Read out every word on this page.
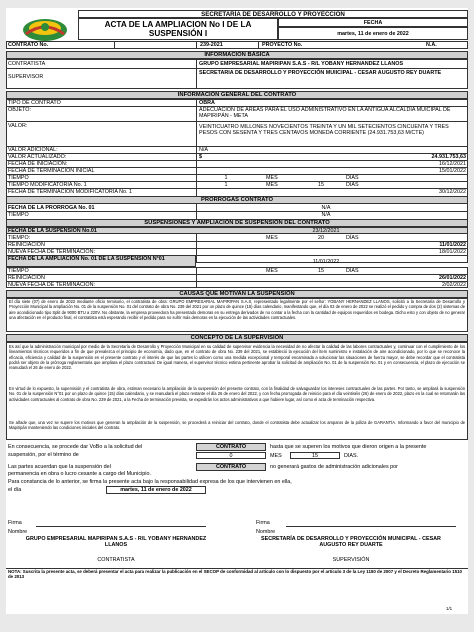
SECRETARÍA DE DESARROLLO Y PROYECCIÓN
ACTA DE LA AMPLIACION No I DE LA
SUSPENSIÓN I
FECHA
martes, 11 de enero de 2022
CONTRATO No.	239-2021	PROYECTO No.	N.A.
INFORMACIÓN BÁSICA
CONTRATISTA	GRUPO EMPRESARIAL MAPIRIPAN S.A.S - R/L YOBANY HERNANDEZ LLANOS
SUPERVISOR
SECRETARIA DE DESARROLLO Y PROYECCIÓN MUIICIPAL - CESAR AUGUSTO REY DUARTE
INFORMACIÓN GENERAL DEL CONTRATO
TIPO DE CONTRATO	OBRA
OBJETO:	ADECUACION DE AREAS PARA EL USO ADMINISTRATIVO EN LA ANTIGUA ALCALDIA MUICIPAL DE MAPIRIPÁN - META
VALOR:	VEINTICUATRO MILLONES NOVECIENTOS TREINTA Y UN MIL SETECIENTOS CINCUENTA Y TRES PESOS CON SESENTA Y TRES CENTAVOS MONEDA CORRIENTE (24.931.753,63 M/CTE)
VALOR ADICIONAL:	N/A
VALOR ACTUALIZADO:	$	24.931.753,63
FECHA DE INICIACIÓN:	16/12/2021
FECHA DE TERMINACIÓN INICIAL	15/01/2022
TIEMPO	1	MES	DIAS
TIEMPO MODIFICATORIA No. 1	1	MES	15	DIAS
FECHA DE TERMINACIÓN MODIFICATORIA No. 1	30/12/2022
PRORROGAS CONTRATO
FECHA DE LA PRORROGA No. 01	N/A
TIEMPO	N/A
SUSPENSIONES Y AMPLIACIÓN DE SUSPENSIÓN DEL CONTRATO
FECHA DE LA SUSPENSIÓN No.01	23/12/2021
TIEMPO:	MES	20	DÍAS
REINICIACIÓN	11/01/2022
NUEVA FECHA DE TERMINACIÓN:	18/01/2022
FECHA DE LA AMPLIACIÓN No. 01 DE LA SUSPENSIÓN N°01	11/01/2022
TIEMPO	MES	15	DÍAS
REINICIACIÓN	26/01/2022
NUEVA FECHA DE TERMINACIÓN:	2/02/2022
CAUSAS QUE MOTIVAN LA SUSPENSIÓN
El día siete (07) de enero de 2022 mediante oficio remisorio, el contratista de obra: GRUPO EMPRESARIAL MAPIRIPAN S.A.S, representado legalmente por el señor: YOBANY HERNANDEZ LLANOS, solicitó a la Secretaría de Desarrollo y Proyección Municipal la ampliación No. 01 de la suspensión No. 01 del contrato de obra No. 239 del 2021 por un plazo de quince (15) días calendario, manifestando que, el día 03 de enero de 2022 se realizó el pedido y compra de dos (2) sistemas de aire acondicionado tipo Split de 9000 BTU a 220V. No obstante, la empresa proveedora ha presentado demoras en su entrega derivados de no contar a la fecha con la cantidad de equipos requeridos en bodega. Dicho esto y con objeto de no generar una afectación en el producto final, el contratista está esperando recibir el pedido para no sufrir más demoras en la ejecución de las actividades contractuales.
CONCEPTO DE LA SUPERVISIÓN
Es así que la administración municipal por medio de la Secretaría de Desarrollo y Proyección Municipal en su calidad de supervisor evidencia la necesidad de no afectar la calidad de las labores contractuales y, continuar con el cumplimiento de los lineamientos técnicos requeridos a fin de que prevalezca el principio de economía, dado que, en el contrato de obra No. 239 del 2021, se estableció la ejecución del ítem suministro e instalación de aire acondicionado, por lo que se reconoce la eficacia, eficiencia y calidad de la suspensión en el presente contrato y el interés de que las partes lo utilicen como una medida excepcional y temporal encaminada a solucionar las situaciones de fuerza mayor, se debe recordar que el contratista podrá ser objeto de la prórroga reglamentaria que ampliara el plazo contractual. De igual manera, el supervisor técnico estima pertinente aprobar la solicitud de ampliación No. 01 de la suspensión No. 01 y en consecuencia, el plazo de ejecución se reanudará el 26 de enero de 2022.
En virtud de lo expuesto, la supervisión y el contratista de obra, estiman necesario la ampliación de la suspensión del presente contrato, con la finalidad de salvaguardar los intereses contractuales de las partes. Por tanto, se ampliará la suspensión No. 01 de la suspensión N°01 por un plazo de quince (15) días calendario, y se reanudará el plazo restante el día 26 de enero del 2022, y con fecha prorrogada de reinicio para el día veintiséis (26) de enero de 2022, plazo en la cual se retomarán las actividades contractuales al contrato de obra No. 239 de 2021, a la Fecha de terminación prevista, se expedirán los actos administrativos a que hubiere lugar, así como el acta de terminación respectiva.
Se añade que, una vez se supere los motivos que generan la ampliación de la suspensión, se procederá a reiniciar del contrato, donde el contratista debe actualizar los amparos de la póliza de GARANTÍA. Informando a favor del municipio de Mapiripán manteniendo las condiciones iniciales del contrato.
En consecuencia, se procede dar VoBo a la solicitud del	CONTRATO	hasta que se superen los motivos que dieron origen a la presente
suspensión, por el término de	0	MES	15	DIAS.
Las partes acuerdan que la suspensión del	CONTRATO	no generará gastos de administración adicionales por
permanencia en obra o lucro cesante a cargo del Municipio.
Para constancia de lo anterior, se firma la presente acta bajo la responsabilidad expresa de los que intervienen en ella,
el día	martes, 11 de enero de 2022
Firma	Firma
Nombre	Nombre
GRUPO EMPRESARIAL MAPIRIPAN S.A.S - R/L YOBANY HERNANDEZ LLANOS
SECRETARÍA DE DESARROLLO Y PROYECCIÓN MUNICIPAL - CESAR AUGUSTO REY DUARTE
CONTRATISTA	SUPERVISIÓN
NOTA: Suscrita la presente acta, se deberá presentar el acta para realizar la publicación en el SECOP de conformidad al artículo con lo dispuesto por el artículo 3 de la Ley 1150 de 2007 y el Decreto Reglamentario 1510 de 2013
1/1
